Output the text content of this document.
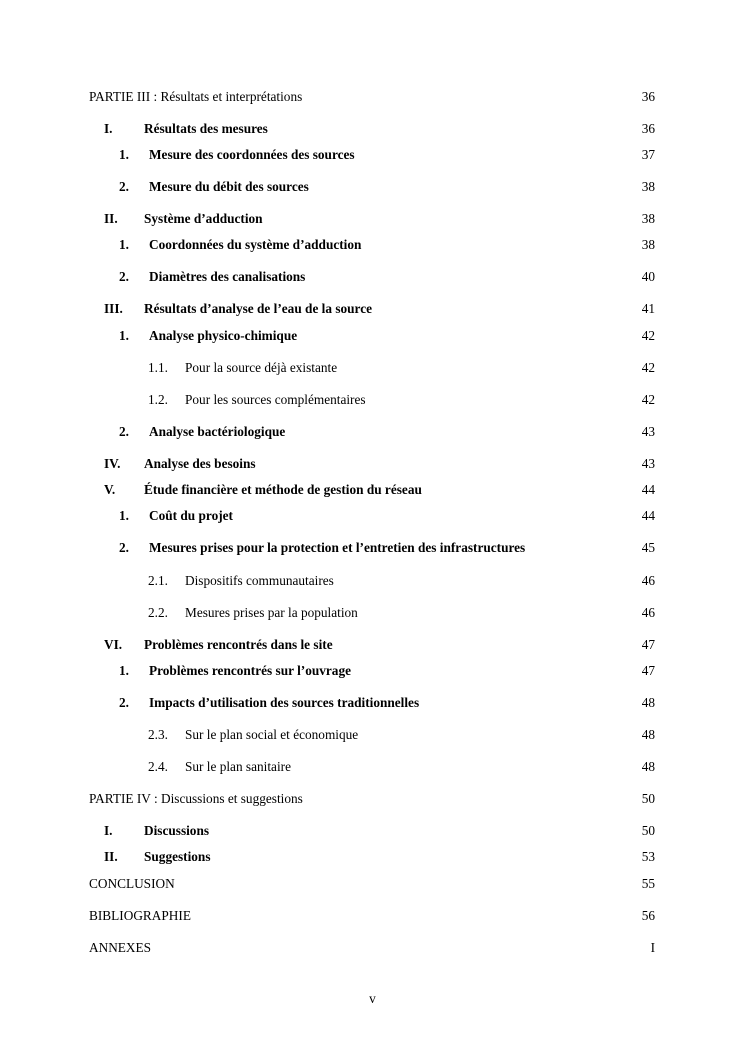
PARTIE III : Résultats et interprétations	36
I.	Résultats des mesures	36
1.	Mesure des coordonnées des sources	37
2.	Mesure du débit des sources	38
II.	Système d’adduction	38
1.	Coordonnées du système d’adduction	38
2.	Diamètres des canalisations	40
III.	Résultats d’analyse de l’eau de la source	41
1.	Analyse physico-chimique	42
1.1.	Pour la source déjà existante	42
1.2.	Pour les sources complémentaires	42
2.	Analyse bactériologique	43
IV.	Analyse des besoins	43
V.	Étude financière et méthode de gestion du réseau	44
1.	Coût du projet	44
2.	Mesures prises pour la protection et l’entretien des infrastructures	45
2.1.	Dispositifs communautaires	46
2.2.	Mesures prises par la population	46
VI.	Problèmes rencontrés dans le site	47
1.	Problèmes rencontrés sur l’ouvrage	47
2.	Impacts d’utilisation des sources traditionnelles	48
2.3.	Sur le plan social et économique	48
2.4.	Sur le plan sanitaire	48
PARTIE IV : Discussions et suggestions	50
I.	Discussions	50
II.	Suggestions	53
CONCLUSION	55
BIBLIOGRAPHIE	56
ANNEXES	I
v
